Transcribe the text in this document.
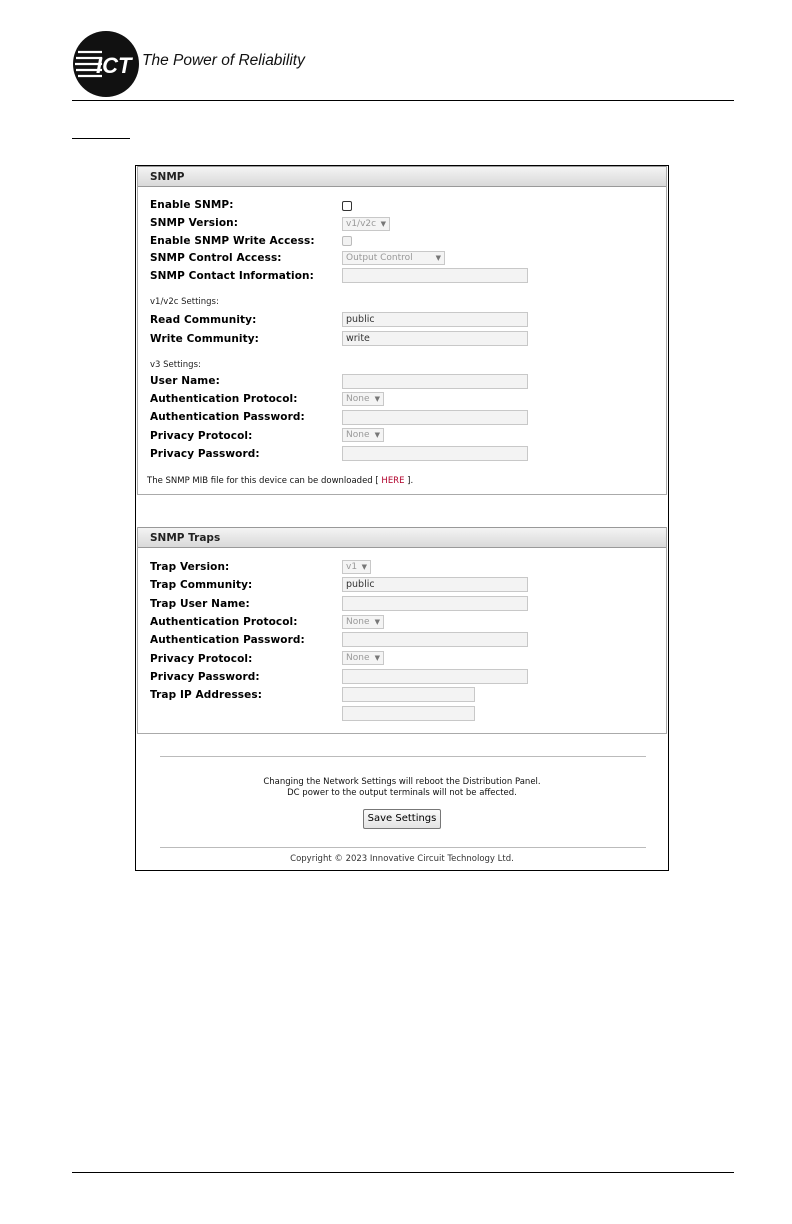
ICT The Power of Reliability
SNMP
Enable SNMP:
SNMP Version:	v1/v2c ▼
Enable SNMP Write Access:
SNMP Control Access:	Output Control	▼
SNMP Contact Information:
v1/v2c Settings:
Read Community:	public
Write Community:	write
v3 Settings:
User Name:
Authentication Protocol:	None ▼
Authentication Password:
Privacy Protocol:	None ▼
Privacy Password:
The SNMP MIB file for this device can be downloaded [ HERE ].
SNMP Traps
Trap Version:	v1 ▼
Trap Community:	public
Trap User Name:
Authentication Protocol:	None ▼
Authentication Password:
Privacy Protocol:	None ▼
Privacy Password:
Trap IP Addresses:
Changing the Network Settings will reboot the Distribution Panel.
DC power to the output terminals will not be affected.
Save Settings
Copyright © 2023 Innovative Circuit Technology Ltd.
